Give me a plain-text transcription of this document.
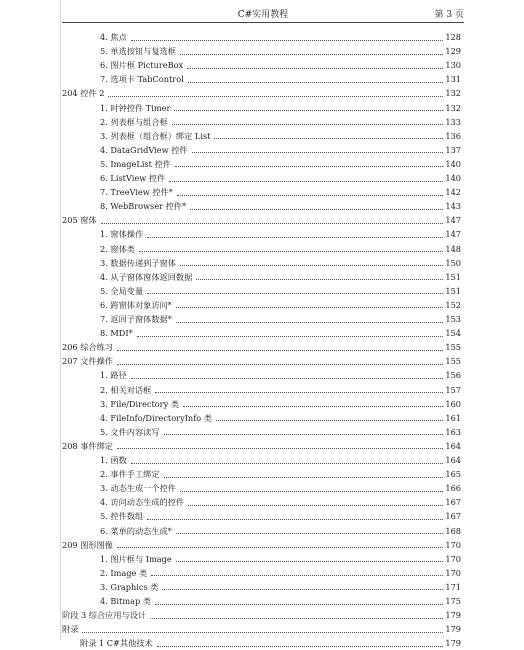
C#实用教程	第 3 页
4. 焦点	128
5. 单选按钮与复选框	129
6. 图片框 PictureBox	130
7. 选项卡 TabControl	131
204 控件 2	132
1. 时钟控件 Timer	132
2. 列表框与组合框	133
3. 列表框（组合框）绑定 List	136
4. DataGridView 控件	137
5. ImageList 控件	140
6. ListView 控件	140
7. TreeView 控件*	142
8. WebBrowser 控件*	143
205 窗体	147
1. 窗体操作	147
2. 窗体类	148
3. 数据传递到子窗体	150
4. 从子窗体窗体返回数据	151
5. 全局变量	151
6. 跨窗体对象访问*	152
7. 返回子窗体数据*	153
8. MDI*	154
206 综合练习	155
207 文件操作	155
1. 路径	156
2. 相关对话框	157
3. File/Directory 类	160
4. FileInfo/DirectoryInfo 类	161
5. 文件内容读写	163
208 事件绑定	164
1. 函数	164
2. 事件手工绑定	165
3. 动态生成一个控件	166
4. 访问动态生成的控件	167
5. 控件数组	167
6. 菜单的动态生成*	168
209 图形图像	170
1. 图片框与 Image	170
2. Image 类	170
3. Graphics 类	171
4. Bitmap 类	175
阶段 3 综合应用与设计	179
附录	179
附录 1 C#其他技术	179
